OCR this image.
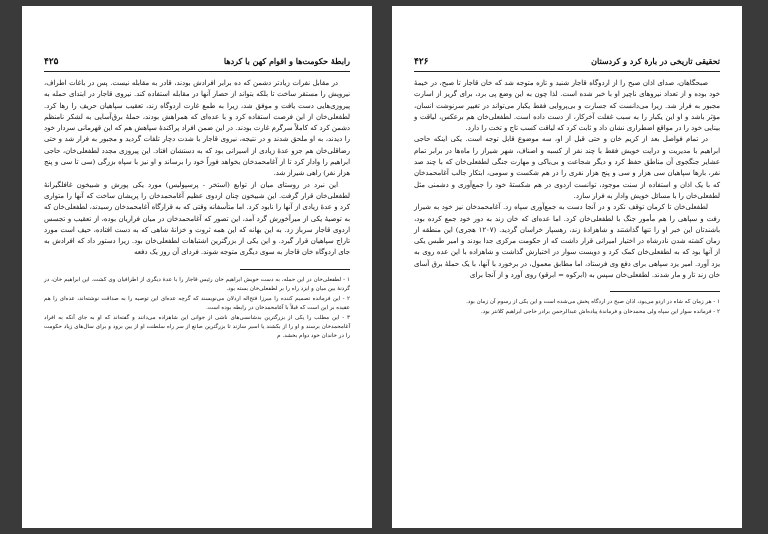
رابطهٔ حکومت‌ها و اقوام کهن با کردها
۴۲۵

در مقابل نفرات زیادتر دشمن که ده برابر افرادش بودند، قادر به مقابله نیست. پس در باغات اطراف، نیرویش را مستقر ساخت تا بلکه بتواند از حصار آنها در مقابله استفاده کند. نیروی قاجار در ابتدای حمله به پیروزی‌هایی دست یافت و موفق شد، زیرا به طمع غارت اردوگاه زند، تعقیب سپاهیان حریف را رها کرد. لطفعلی‌خان از این فرصت استفاده کرد و با عده‌ای که همراهش بودند، حملهٔ برق‌آسایی به لشکر نامنظم دشمن کرد که کاملاً سرگرم غارت بودند. در این ضمن افراد پراکندهٔ سپاهش هم که این قهرمانی سردار خود را دیدند، به او ملحق شدند و در نتیجه، نیروی قاجار با شدت دچار تلفات گردید و مجبور به فرار شد و حتی رضاقلی‌خان هم جزو عدهٔ زیادی از اسیرانی بود که به دستشان افتاد. این پیروزی مجدد لطفعلی‌خان، حاجی ابراهیم را وادار کرد تا از آغامحمدخان بخواهد فوراً خود را برساند و او نیز با سپاه بزرگی (سی تا سی و پنج هزار نفر) راهی شیراز شد.

این نبرد در روستای میان از توابع (استخر - پرسپولیس) مورد یکی پورش و شبیخون غافلگیرانهٔ لطفعلی‌خان قرار گرفت. این شبیخون چنان اردوی عظیم آغامحمدخان را پریشان ساخت که آنها را متواری کرد و عدهٔ زیادی از آنها را نابود کرد. اما متأسفانه وقتی که به قرارگاه آغامحمدخان رسیدند، لطفعلی‌خان که به توصیهٔ یکی از میرآخورش گرد آمد، این تصور که آغامحمدخان در میان فراریان بوده، از تعقیب و تجسس اردوی قاجار سرباز زد. به این بهانه که این همه ثروت و خزانهٔ شاهی که به دست افتاده، حیف است مورد تاراج سپاهیان قرار گیرد. و این یکی از بزرگترین اشتباهات لطفعلی‌خان بود. زیرا دستور داد که افرادش به جای اردوگاه خان قاجار به سوی دیگری متوجه شوند. فردای آن روز یک دفعه

۱ - لطفعلی‌خان در این حمله، به دست خویش ابراهیم خان رئیس قاجار را با عدهٔ دیگری از اطرافیان وی کشت. این ابراهیم خان، در گردنهٔ بین میان و ایزد راه را بر لطفعلی‌خان بسته بود.

۲ - این فرمانده تصمیم کننده را میرزا فتح‌اله اردلان می‌نویسند که گرچه عده‌ای این توصیه را به صداقت نوشته‌اند، عده‌ای را هم عقیده بر این است که قبلاً با آغامحمدخان در رابطه بوده است.

۳ - این مطلب را یکی از بزرگترین بدشانسی‌های ناشی از جوانی این شاهزاده می‌دانند و گفته‌اند که او به جای آنکه به افراد آغامحمدخان برسند و او را از بکشند یا اسیر سازند تا بزرگترین صانع از سر راه سلطنت او از بین برود و برای سال‌های زیاد حکومت را در خاندان خود دوام بخشد. م

تحقیقی تاریخی در بارهٔ کرد و کردستان
۴۲۶

صبحگاهان، صدای اذان صبح را از اردوگاه قاجار شنید و تازه متوجه شد که خان قاجار تا صبح، در خیمهٔ خود بوده و از تعداد نیروهای ناچیز او با خبر شده است. لذا چون به این وضع پی برد، برای گریز از اسارت مجبور به فرار شد. زیرا می‌دانست که جسارت و بی‌پروایی فقط یکبار می‌تواند در تغییر سرنوشت انسان، مؤثر باشد و او این یکبار را به سبب غفلت آخرکار، از دست داده است. لطفعلی‌خان هم برعکس، لیاقت و بینایی خود را در مواقع اضطراری نشان داد و ثابت کرد که لیاقت کسب تاج و تخت را دارد.

در تمام فواصل بعد از کریم خان و حتی قبل از او، سه موضوع قابل توجه است. یکی اینکه حاجی ابراهیم با مدیریت و درایت خویش فقط با چند نفر از کسبه و اصناف، شهر شیراز را ماه‌ها در برابر تمام عشایر جنگجوی آن مناطق حفظ کرد و دیگر شجاعت و بی‌باکی و مهارت جنگی لطفعلی‌خان که با چند صد نفر، بارها سپاهیان سی هزار و سی و پنج هزار نفری را در هم شکست و سومی، ابتکار جالب آغامحمدخان که با یک اذان و استفاده از سنت موجود، توانست اردوی در هم شکستهٔ خود را جمع‌آوری و دشمنی مثل لطفعلی‌خان را با مسائل خویش وادار به فرار سازد.

لطفعلی‌خان تا کرمان توقف نکرد و در آنجا دست به جمع‌آوری سپاه زد. آغامحمدخان نیز خود به شیراز رفت و سپاهی را هم مأمور جنگ با لطفعلی‌خان کرد. اما عده‌ای که خان زند به دور خود جمع کرده بود، باشندتان این خبر او را تنها گذاشتند و شاهزادهٔ زند، رهسپار خراسان گردید. (۱۲۰۷ هجری) این منطقه از زمان کشته شدن نادرشاه در اختیار امیرانی قرار داشت که از حکومت مرکزی جدا بودند و امیر طبس یکی از آنها بود که به لطفعلی‌خان کمک کرد و دویست سوار در اختیارش گذاشت و شاهزاده با این عده روی به یزد آورد. امیر یزد سپاهی برای دفع وی فرستاد، اما مطابق معمول، در برخورد با آنها، با یک حملهٔ برق آسای خان زند تار و مار شدند. لطفعلی‌خان سپس به (ابرکوه = ابرقو) روی آورد و از آنجا برای

۱ - هر زمان که شاه در اردو می‌بود، اذان صبح در اردگاه پخش می‌شده است و این یکی از رسوم آن زمان بود.

۲ - فرمانده سوار این سپاه ولی محمدخان و فرماندهٔ پیاده‌اش عبدالرحمن برادر حاجی ابراهیم کلانتر بود.
